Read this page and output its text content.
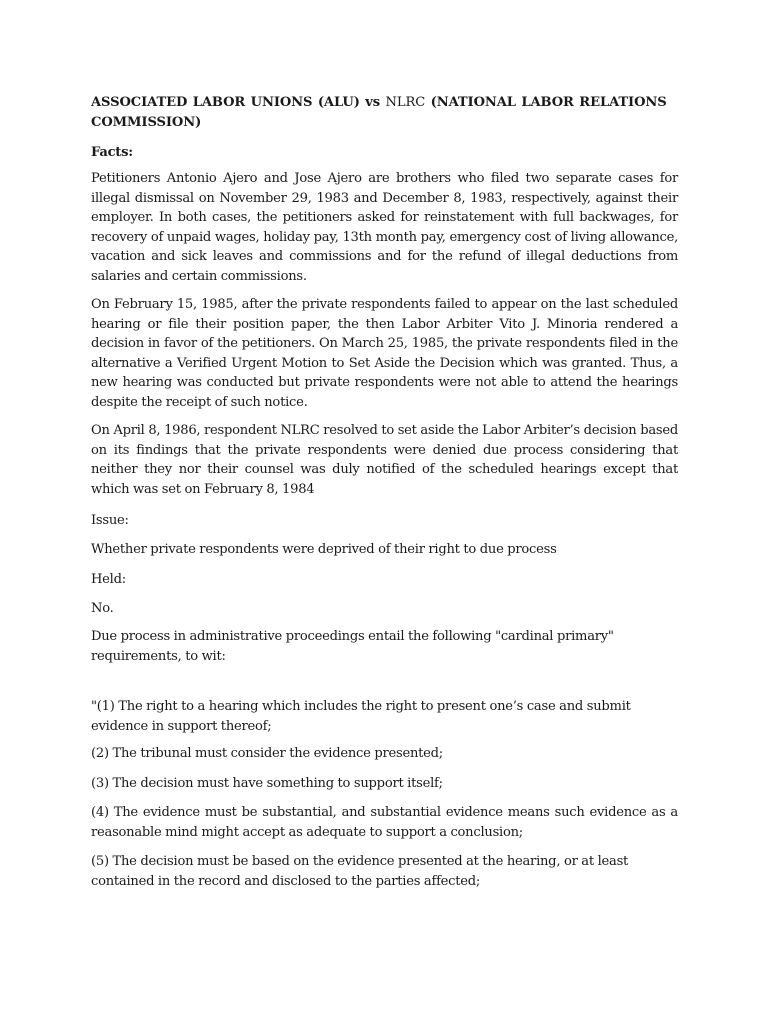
ASSOCIATED LABOR UNIONS (ALU) vs NLRC (NATIONAL LABOR RELATIONS COMMISSION)
Facts:
Petitioners Antonio Ajero and Jose Ajero are brothers who filed two separate cases for illegal dismissal on November 29, 1983 and December 8, 1983, respectively, against their employer. In both cases, the petitioners asked for reinstatement with full backwages, for recovery of unpaid wages, holiday pay, 13th month pay, emergency cost of living allowance, vacation and sick leaves and commissions and for the refund of illegal deductions from salaries and certain commissions.
On February 15, 1985, after the private respondents failed to appear on the last scheduled hearing or file their position paper, the then Labor Arbiter Vito J. Minoria rendered a decision in favor of the petitioners. On March 25, 1985, the private respondents filed in the alternative a Verified Urgent Motion to Set Aside the Decision which was granted. Thus, a new hearing was conducted but private respondents were not able to attend the hearings despite the receipt of such notice.
On April 8, 1986, respondent NLRC resolved to set aside the Labor Arbiter’s decision based on its findings that the private respondents were denied due process considering that neither they nor their counsel was duly notified of the scheduled hearings except that which was set on February 8, 1984
Issue:
Whether private respondents were deprived of their right to due process
Held:
No.
Due process in administrative proceedings entail the following "cardinal primary" requirements, to wit:
"(1) The right to a hearing which includes the right to present one’s case and submit evidence in support thereof;
(2) The tribunal must consider the evidence presented;
(3) The decision must have something to support itself;
(4) The evidence must be substantial, and substantial evidence means such evidence as a reasonable mind might accept as adequate to support a conclusion;
(5) The decision must be based on the evidence presented at the hearing, or at least contained in the record and disclosed to the parties affected;
